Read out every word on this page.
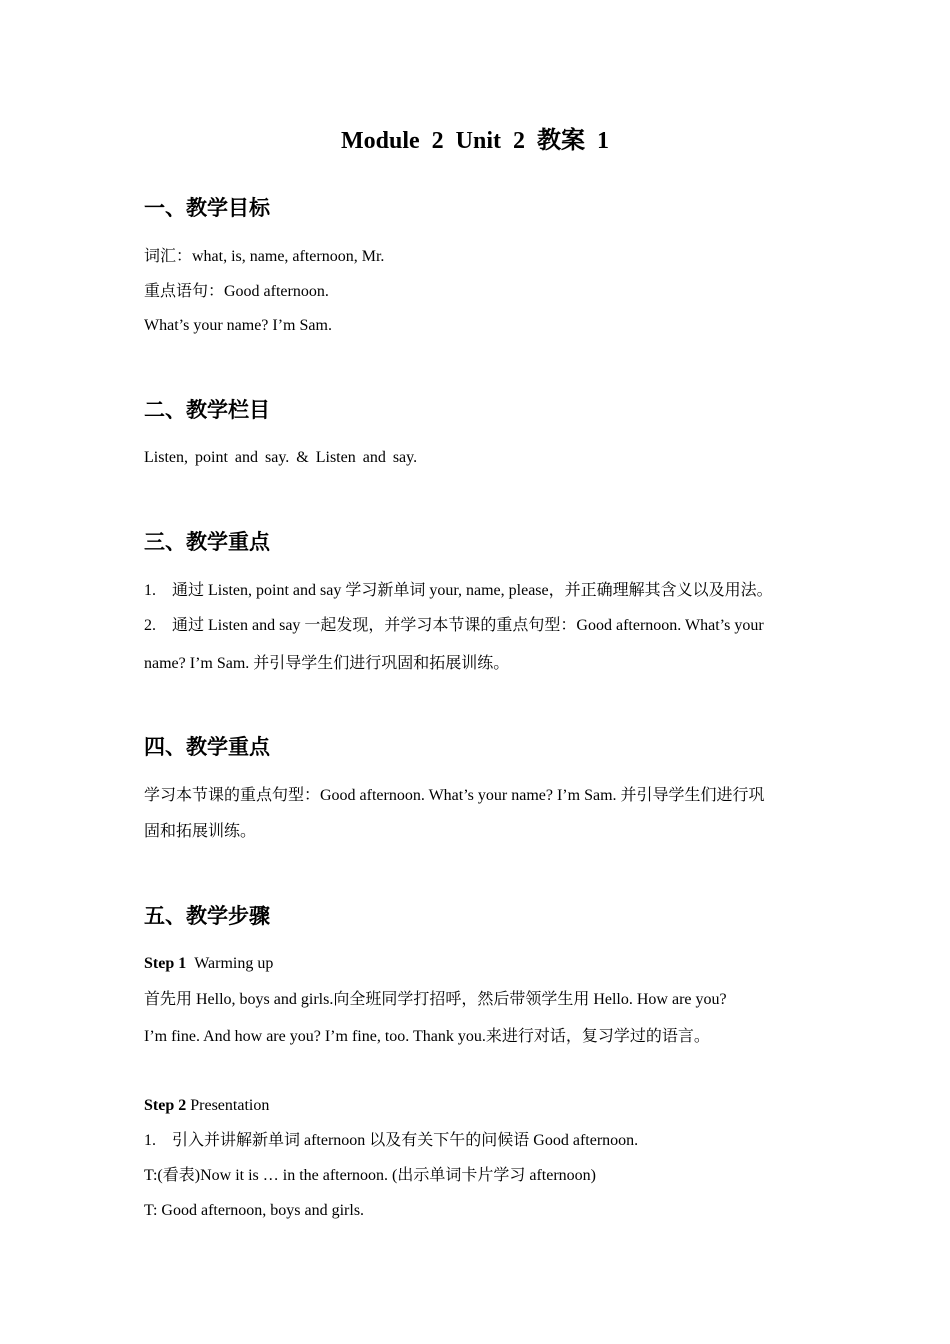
Module 2 Unit 2 教案 1
一、教学目标
词汇：what, is, name, afternoon, Mr.
重点语句：Good afternoon.
What’s your name? I’m Sam.
二、教学栏目
Listen, point and say. & Listen and say.
三、教学重点
1. 通过 Listen, point and say 学习新单词 your, name, please，并正确理解其含义以及用法。
2. 通过 Listen and say 一起发现，并学习本节课的重点句型：Good afternoon. What’s your
name? I’m Sam. 并引导学生们进行巩固和拓展训练。
四、教学重点
学习本节课的重点句型：Good afternoon. What’s your name? I’m Sam. 并引导学生们进行巩
固和拓展训练。
五、教学步骤
Step 1 Warming up
首先用 Hello, boys and girls.向全班同学打招呼，然后带领学生用 Hello. How are you?
I’m fine. And how are you? I’m fine, too. Thank you.来进行对话，复习学过的语言。
Step 2 Presentation
1. 引入并讲解新单词 afternoon 以及有关下午的问候语 Good afternoon.
T:(看表)Now it is … in the afternoon. (出示单词卡片学习 afternoon)
T: Good afternoon, boys and girls.
